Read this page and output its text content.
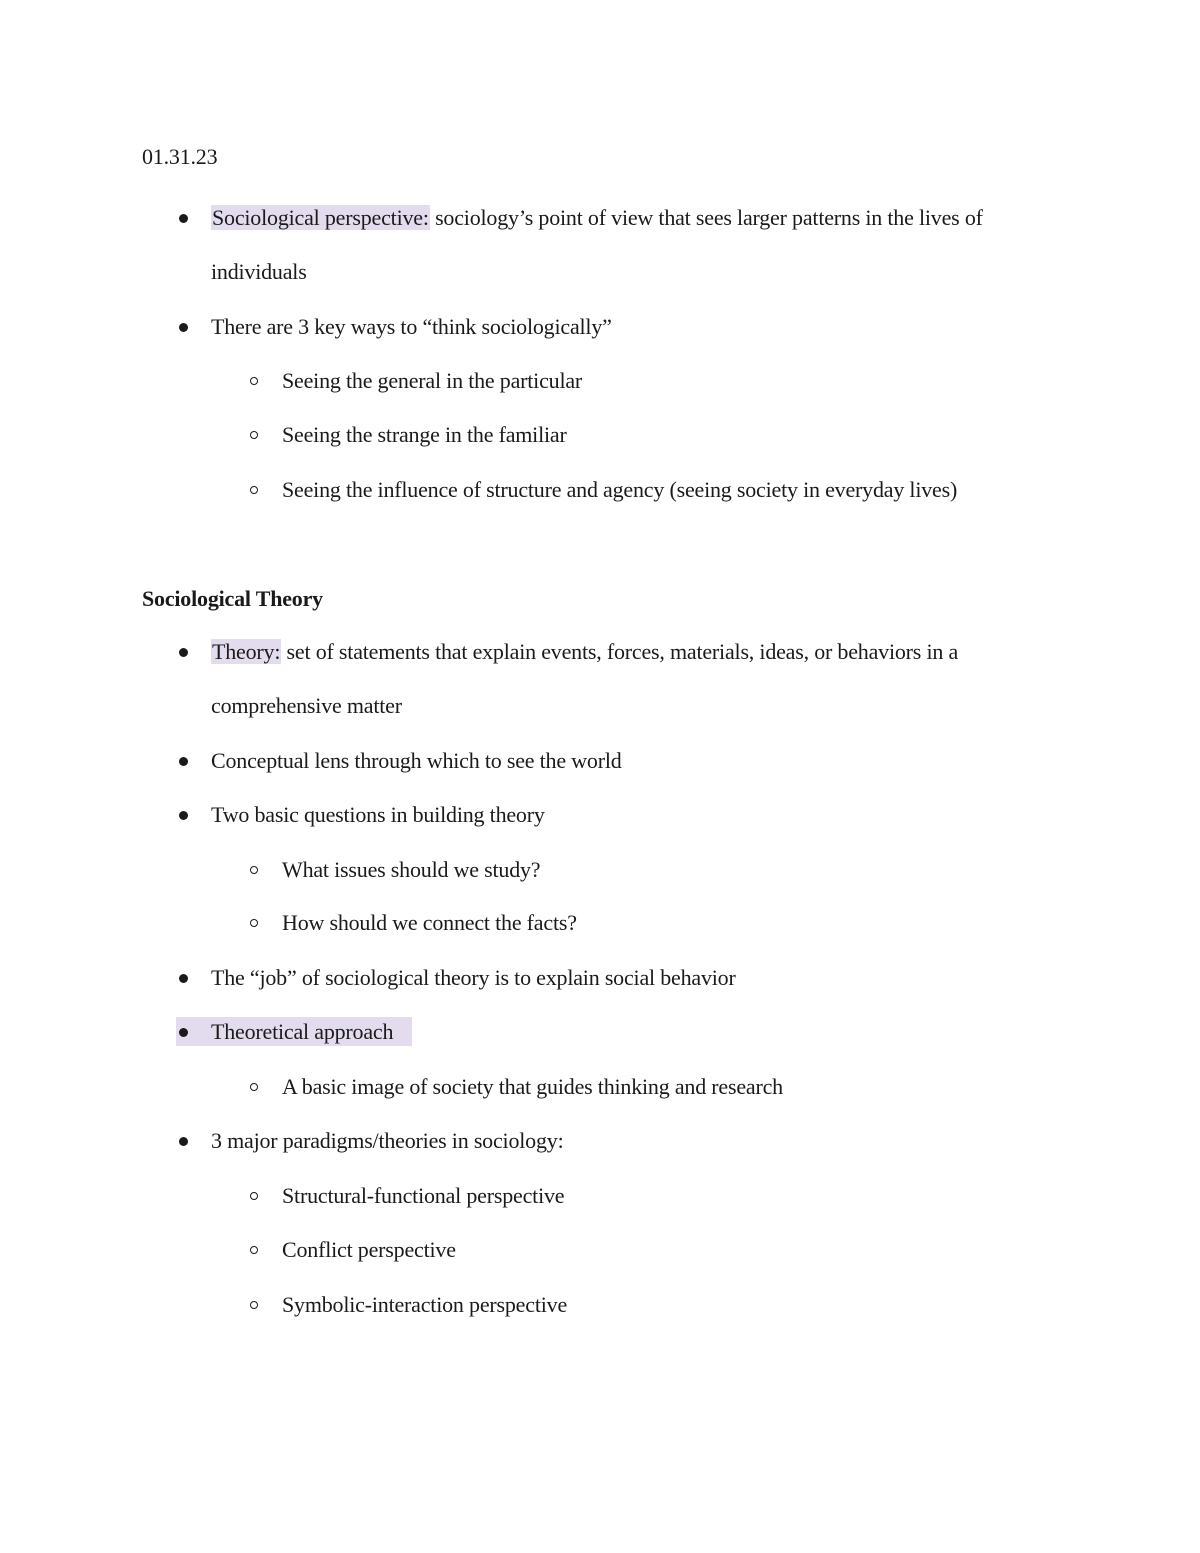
01.31.23
Sociological perspective: sociology’s point of view that sees larger patterns in the lives of
individuals
There are 3 key ways to “think sociologically”
Seeing the general in the particular
Seeing the strange in the familiar
Seeing the influence of structure and agency (seeing society in everyday lives)
Sociological Theory
Theory: set of statements that explain events, forces, materials, ideas, or behaviors in a
comprehensive matter
Conceptual lens through which to see the world
Two basic questions in building theory
What issues should we study?
How should we connect the facts?
The “job” of sociological theory is to explain social behavior
Theoretical approach
A basic image of society that guides thinking and research
3 major paradigms/theories in sociology:
Structural-functional perspective
Conflict perspective
Symbolic-interaction perspective
